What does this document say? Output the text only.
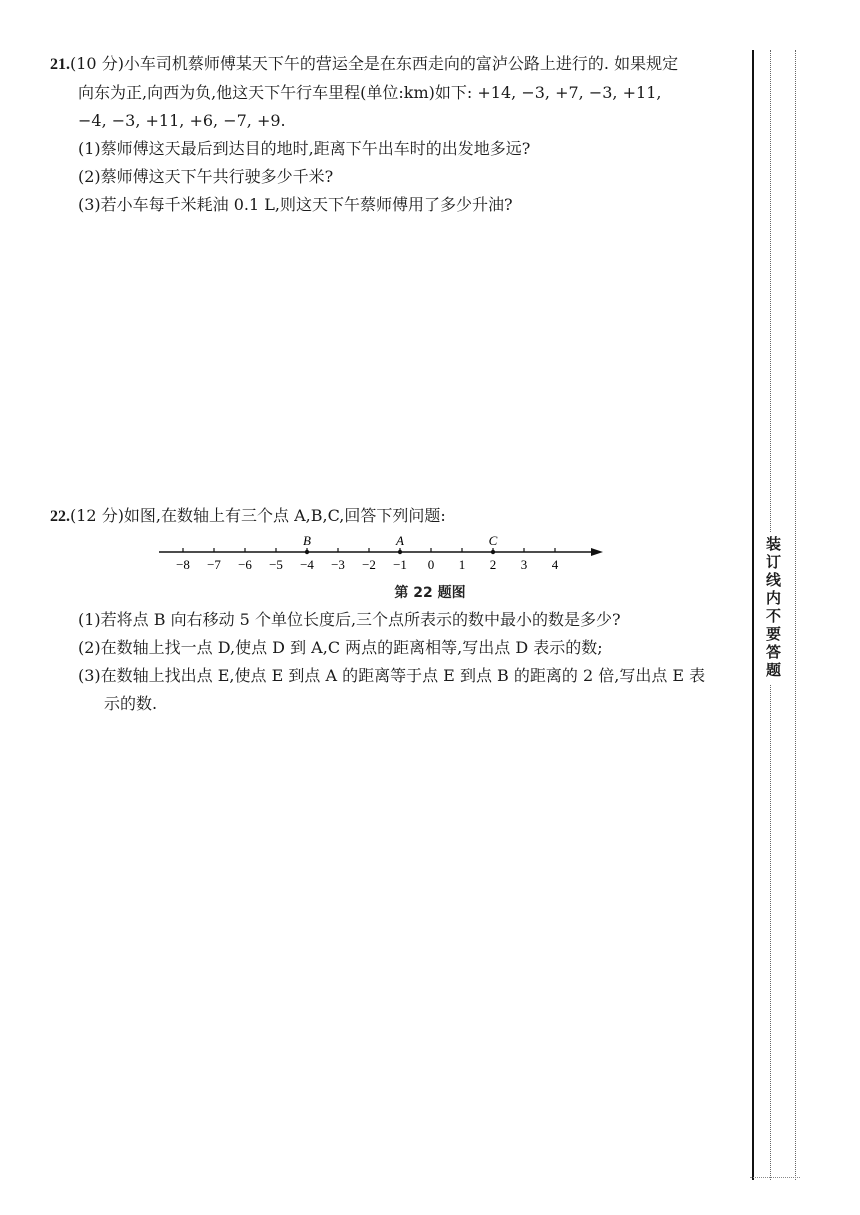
21.(10 分)小车司机蔡师傅某天下午的营运全是在东西走向的富泸公路上进行的. 如果规定

向东为正,向西为负,他这天下午行车里程(单位:km)如下: +14, −3, +7, −3, +11,

−4, −3, +11, +6, −7, +9.

(1)蔡师傅这天最后到达目的地时,距离下午出车时的出发地多远?

(2)蔡师傅这天下午共行驶多少千米?

(3)若小车每千米耗油 0.1 L,则这天下午蔡师傅用了多少升油?

22.(12 分)如图,在数轴上有三个点 A,B,C,回答下列问题:

(1)若将点 B 向右移动 5 个单位长度后,三个点所表示的数中最小的数是多少?

(2)在数轴上找一点 D,使点 D 到 A,C 两点的距离相等,写出点 D 表示的数;

(3)在数轴上找出点 E,使点 E 到点 A 的距离等于点 E 到点 B 的距离的 2 倍,写出点 E 表

示的数.

−8 −7 −6 −5 −4 −3 −2 −1 0 1 2 3 4
B	A	C
第 22 题图	装订线内不要答题
